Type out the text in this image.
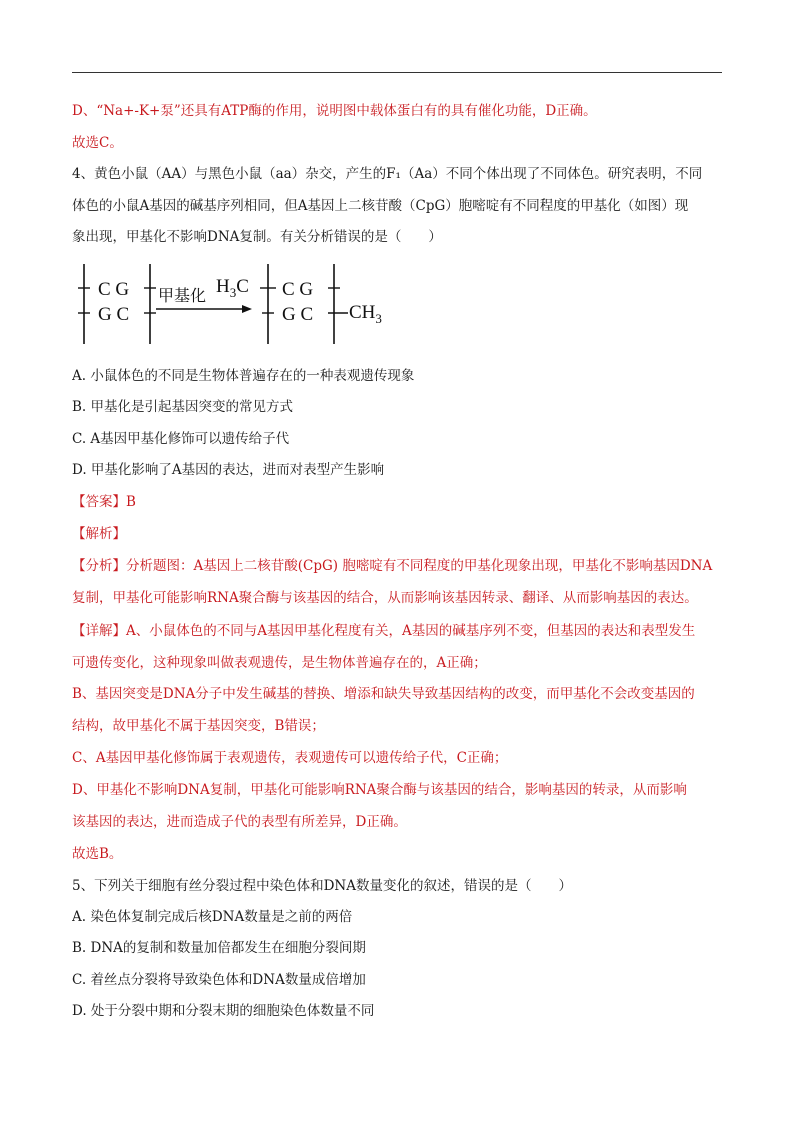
D、“Na+-K+泵”还具有ATP酶的作用，说明图中载体蛋白有的具有催化功能，D正确。
故选C。
4、黄色小鼠（AA）与黑色小鼠（aa）杂交，产生的F₁（Aa）不同个体出现了不同体色。研究表明，不同
体色的小鼠A基因的碱基序列相同，但A基因上二核苷酸（CpG）胞嘧啶有不同程度的甲基化（如图）现
象出现，甲基化不影响DNA复制。有关分析错误的是（　　）
C G
G C
甲基化 $H_3C$ C G
G C $CH_3$
A. 小鼠体色的不同是生物体普遍存在的一种表观遗传现象
B. 甲基化是引起基因突变的常见方式
C. A基因甲基化修饰可以遗传给子代
D. 甲基化影响了A基因的表达，进而对表型产生影响
【答案】B
【解析】
【分析】分析题图：A基因上二核苷酸(CpG) 胞嘧啶有不同程度的甲基化现象出现，甲基化不影响基因DNA
复制，甲基化可能影响RNA聚合酶与该基因的结合，从而影响该基因转录、翻译、从而影响基因的表达。
【详解】A、小鼠体色的不同与A基因甲基化程度有关，A基因的碱基序列不变，但基因的表达和表型发生
可遗传变化，这种现象叫做表观遗传，是生物体普遍存在的，A正确；
B、基因突变是DNA分子中发生碱基的替换、增添和缺失导致基因结构的改变，而甲基化不会改变基因的
结构，故甲基化不属于基因突变，B错误；
C、A基因甲基化修饰属于表观遗传，表观遗传可以遗传给子代，C正确；
D、甲基化不影响DNA复制，甲基化可能影响RNA聚合酶与该基因的结合，影响基因的转录，从而影响
该基因的表达，进而造成子代的表型有所差异，D正确。
故选B。
5、下列关于细胞有丝分裂过程中染色体和DNA数量变化的叙述，错误的是（　　）
A. 染色体复制完成后核DNA数量是之前的两倍
B. DNA的复制和数量加倍都发生在细胞分裂间期
C. 着丝点分裂将导致染色体和DNA数量成倍增加
D. 处于分裂中期和分裂末期的细胞染色体数量不同
